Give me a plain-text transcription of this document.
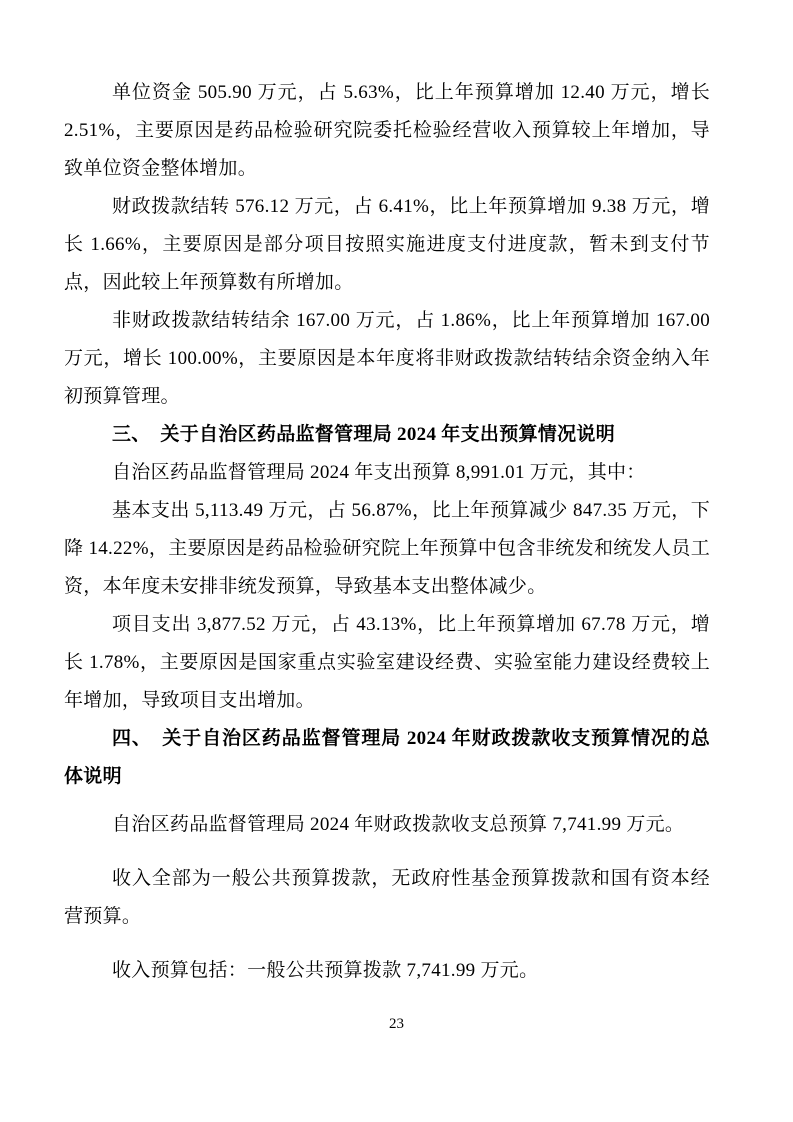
单位资金 505.90 万元，占 5.63%，比上年预算增加 12.40 万元，增长 2.51%，主要原因是药品检验研究院委托检验经营收入预算较上年增加，导致单位资金整体增加。

财政拨款结转 576.12 万元，占 6.41%，比上年预算增加 9.38 万元，增长 1.66%，主要原因是部分项目按照实施进度支付进度款，暂未到支付节点，因此较上年预算数有所增加。

非财政拨款结转结余 167.00 万元，占 1.86%，比上年预算增加 167.00 万元，增长 100.00%，主要原因是本年度将非财政拨款结转结余资金纳入年初预算管理。

三、　关于自治区药品监督管理局 2024 年支出预算情况说明

自治区药品监督管理局 2024 年支出预算 8,991.01 万元，其中：

基本支出 5,113.49 万元，占 56.87%，比上年预算减少 847.35 万元，下降 14.22%，主要原因是药品检验研究院上年预算中包含非统发和统发人员工资，本年度未安排非统发预算，导致基本支出整体减少。

项目支出 3,877.52 万元，占 43.13%，比上年预算增加 67.78 万元，增长 1.78%，主要原因是国家重点实验室建设经费、实验室能力建设经费较上年增加，导致项目支出增加。

四、　关于自治区药品监督管理局 2024 年财政拨款收支预算情况的总体说明

自治区药品监督管理局 2024 年财政拨款收支总预算 7,741.99 万元。

收入全部为一般公共预算拨款，无政府性基金预算拨款和国有资本经营预算。

收入预算包括：一般公共预算拨款 7,741.99 万元。

23
